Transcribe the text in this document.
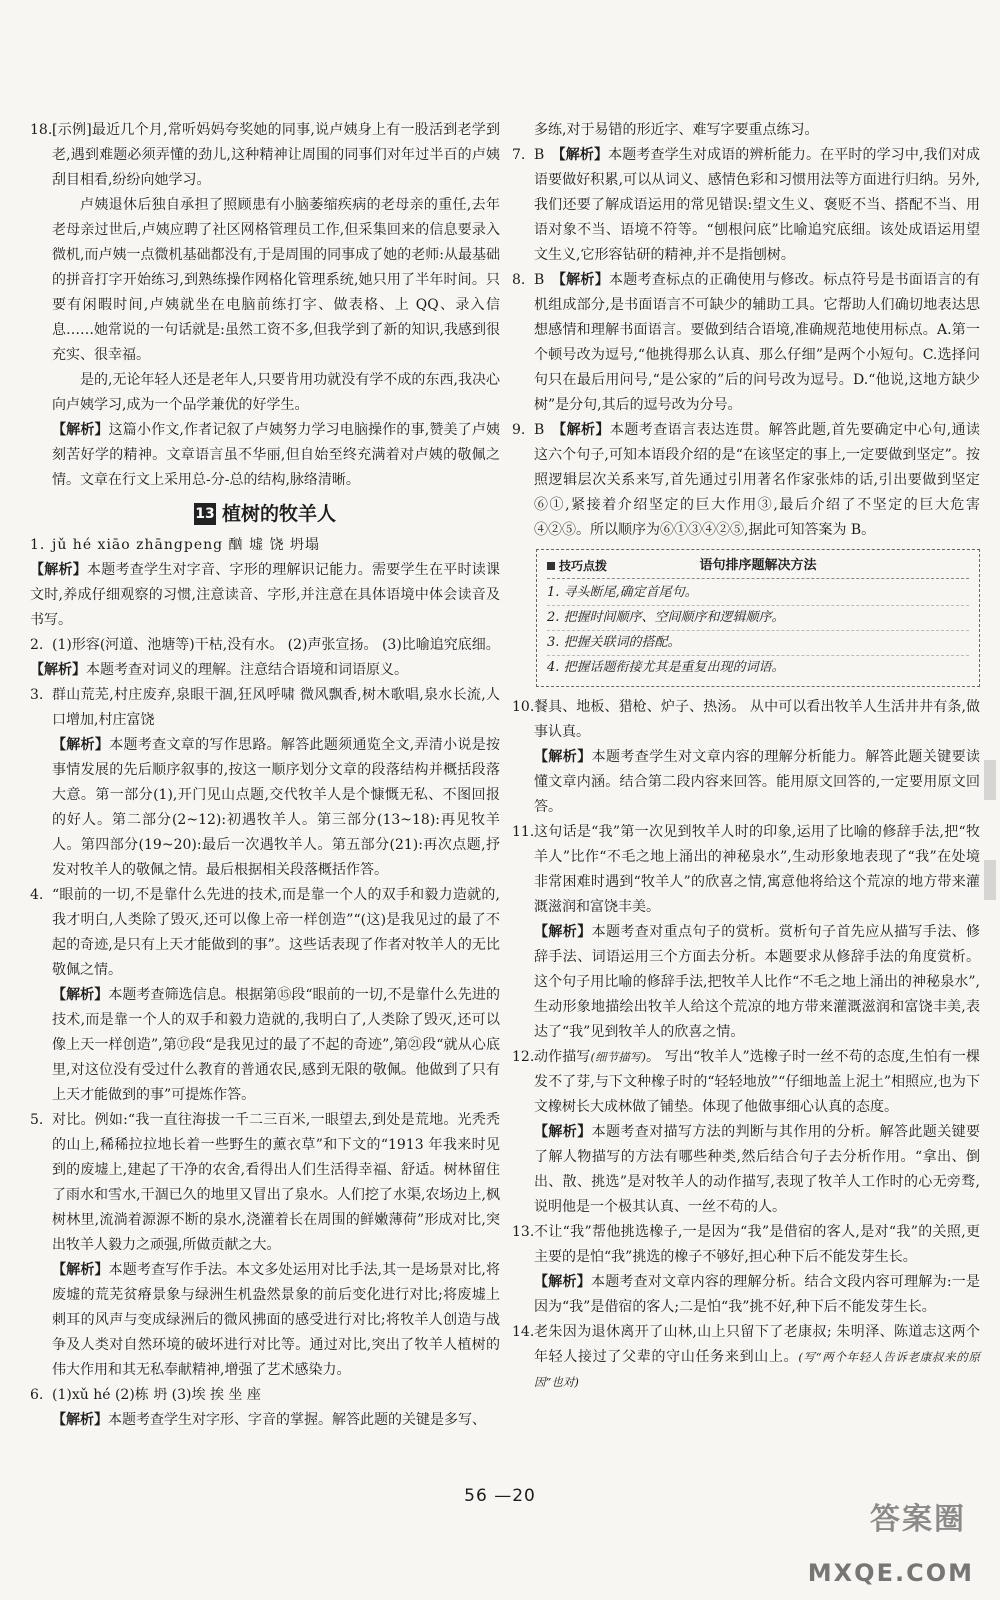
18. [示例]最近几个月,常听妈妈夸奖她的同事,说卢姨身上有一股活到老学到老,遇到难题必须弄懂的劲儿,这种精神让周围的同事们对年过半百的卢姨刮目相看,纷纷向她学习。

卢姨退休后独自承担了照顾患有小脑萎缩疾病的老母亲的重任,去年老母亲过世后,卢姨应聘了社区网格管理员工作,但采集回来的信息要录入微机,而卢姨一点微机基础都没有,于是周围的同事成了她的老师:从最基础的拼音打字开始练习,到熟练操作网格化管理系统,她只用了半年时间。只要有闲暇时间,卢姨就坐在电脑前练打字、做表格、上 QQ、录入信息……她常说的一句话就是:虽然工资不多,但我学到了新的知识,我感到很充实、很幸福。

是的,无论年轻人还是老年人,只要肯用功就没有学不成的东西,我决心向卢姨学习,成为一个品学兼优的好学生。

【解析】这篇小作文,作者记叙了卢姨努力学习电脑操作的事,赞美了卢姨刻苦好学的精神。文章语言虽不华丽,但自始至终充满着对卢姨的敬佩之情。文章在行文上采用总-分-总的结构,脉络清晰。

13 植树的牧羊人

1. jǔ hé xiāo zhāngpeng 酗 墟 饶 坍塌

【解析】本题考查学生对字音、字形的理解识记能力。需要学生在平时读课文时,养成仔细观察的习惯,注意读音、字形,并注意在具体语境中体会读音及书写。

2. (1)形容(河道、池塘等)干枯,没有水。 (2)声张宣扬。 (3)比喻追究底细。

【解析】本题考查对词义的理解。注意结合语境和词语原义。

3. 群山荒芜,村庄废弃,泉眼干涸,狂风呼啸 微风飘香,树木歌唱,泉水长流,人口增加,村庄富饶

【解析】本题考查文章的写作思路。解答此题须通览全文,弄清小说是按事情发展的先后顺序叙事的,按这一顺序划分文章的段落结构并概括段落大意。第一部分(1),开门见山点题,交代牧羊人是个慷慨无私、不图回报的好人。第二部分(2~12):初遇牧羊人。第三部分(13~18):再见牧羊人。第四部分(19~20):最后一次遇牧羊人。第五部分(21):再次点题,抒发对牧羊人的敬佩之情。最后根据相关段落概括作答。

4. “眼前的一切,不是靠什么先进的技术,而是靠一个人的双手和毅力造就的,我才明白,人类除了毁灭,还可以像上帝一样创造”“(这)是我见过的最了不起的奇迹,是只有上天才能做到的事”。这些话表现了作者对牧羊人的无比敬佩之情。

【解析】本题考查筛选信息。根据第⑮段“眼前的一切,不是靠什么先进的技术,而是靠一个人的双手和毅力造就的,我明白了,人类除了毁灭,还可以像上天一样创造”,第⑰段“是我见过的最了不起的奇迹”,第㉑段“就从心底里,对这位没有受过什么教育的普通农民,感到无限的敬佩。他做到了只有上天才能做到的事”可提炼作答。

5. 对比。例如:“我一直往海拔一千二三百米,一眼望去,到处是荒地。光秃秃的山上,稀稀拉拉地长着一些野生的薰衣草”和下文的“1913 年我来时见到的废墟上,建起了干净的农舍,看得出人们生活得幸福、舒适。树林留住了雨水和雪水,干涸已久的地里又冒出了泉水。人们挖了水渠,农场边上,枫树林里,流淌着源源不断的泉水,浇灌着长在周围的鲜嫩薄荷”形成对比,突出牧羊人毅力之顽强,所做贡献之大。

【解析】本题考查写作手法。本文多处运用对比手法,其一是场景对比,将废墟的荒芜贫瘠景象与绿洲生机盎然景象的前后变化进行对比;将废墟上刺耳的风声与变成绿洲后的微风拂面的感受进行对比;将牧羊人创造与战争及人类对自然环境的破坏进行对比等。通过对比,突出了牧羊人植树的伟大作用和其无私奉献精神,增强了艺术感染力。

6. (1)xǔ hé (2)栋 坍 (3)埃 挨 坐 座

【解析】本题考查学生对字形、字音的掌握。解答此题的关键是多写、

多练,对于易错的形近字、难写字要重点练习。

7. B　 【解析】本题考查学生对成语的辨析能力。在平时的学习中,我们对成语要做好积累,可以从词义、感情色彩和习惯用法等方面进行归纳。另外,我们还要了解成语运用的常见错误:望文生义、褒贬不当、搭配不当、用语对象不当、语境不符等。“刨根问底”比喻追究底细。该处成语运用望文生义,它形容钻研的精神,并不是指刨树。

8. B　 【解析】本题考查标点的正确使用与修改。标点符号是书面语言的有机组成部分,是书面语言不可缺少的辅助工具。它帮助人们确切地表达思想感情和理解书面语言。要做到结合语境,准确规范地使用标点。A.第一个顿号改为逗号,“他挑得那么认真、那么仔细”是两个小短句。C.选择问句只在最后用问号,“是公家的”后的问号改为逗号。D.“他说,这地方缺少树”是分句,其后的逗号改为分号。

9. B　 【解析】本题考查语言表达连贯。解答此题,首先要确定中心句,通读这六个句子,可知本语段介绍的是“在该坚定的事上,一定要做到坚定”。按照逻辑层次关系来写,首先通过引用著名作家张炜的话,引出要做到坚定⑥①,紧接着介绍坚定的巨大作用③,最后介绍了不坚定的巨大危害④②⑤。所以顺序为⑥①③④②⑤,据此可知答案为 B。

技巧点拨	语句排序题解决方法
1. 寻头断尾,确定首尾句。
2. 把握时间顺序、空间顺序和逻辑顺序。
3. 把握关联词的搭配。
4. 把握话题衔接尤其是重复出现的词语。

10. 餐具、地板、猎枪、炉子、热汤。 从中可以看出牧羊人生活井井有条,做事认真。

【解析】本题考查学生对文章内容的理解分析能力。解答此题关键要读懂文章内涵。结合第二段内容来回答。能用原文回答的,一定要用原文回答。

11. 这句话是“我”第一次见到牧羊人时的印象,运用了比喻的修辞手法,把“牧羊人”比作“不毛之地上涌出的神秘泉水”,生动形象地表现了“我”在处境非常困难时遇到“牧羊人”的欣喜之情,寓意他将给这个荒凉的地方带来灌溉滋润和富饶丰美。

【解析】本题考查对重点句子的赏析。赏析句子首先应从描写手法、修辞手法、词语运用三个方面去分析。本题要求从修辞手法的角度赏析。这个句子用比喻的修辞手法,把牧羊人比作“不毛之地上涌出的神秘泉水”,生动形象地描绘出牧羊人给这个荒凉的地方带来灌溉滋润和富饶丰美,表达了“我”见到牧羊人的欣喜之情。

12. 动作描写(细节描写)。 写出“牧羊人”选橡子时一丝不苟的态度,生怕有一棵发不了芽,与下文种橡子时的“轻轻地放”“仔细地盖上泥土”相照应,也为下文橡树长大成林做了铺垫。体现了他做事细心认真的态度。

【解析】本题考查对描写方法的判断与其作用的分析。解答此题关键要了解人物描写的方法有哪些种类,然后结合句子去分析作用。“拿出、倒出、散、挑选”是对牧羊人的动作描写,表现了牧羊人工作时的心无旁骛,说明他是一个极其认真、一丝不苟的人。

13. 不让“我”帮他挑选橡子,一是因为“我”是借宿的客人,是对“我”的关照,更主要的是怕“我”挑选的橡子不够好,担心种下后不能发芽生长。

【解析】本题考查对文章内容的理解分析。结合文段内容可理解为:一是因为“我”是借宿的客人;二是怕“我”挑不好,种下后不能发芽生长。

14. 老朱因为退休离开了山林,山上只留下了老康叔; 朱明泽、陈道志这两个年轻人接过了父辈的守山任务来到山上。(写“两个年轻人告诉老康叔来的原因”也对)

56 —20
答案圈
MXQE.COM
